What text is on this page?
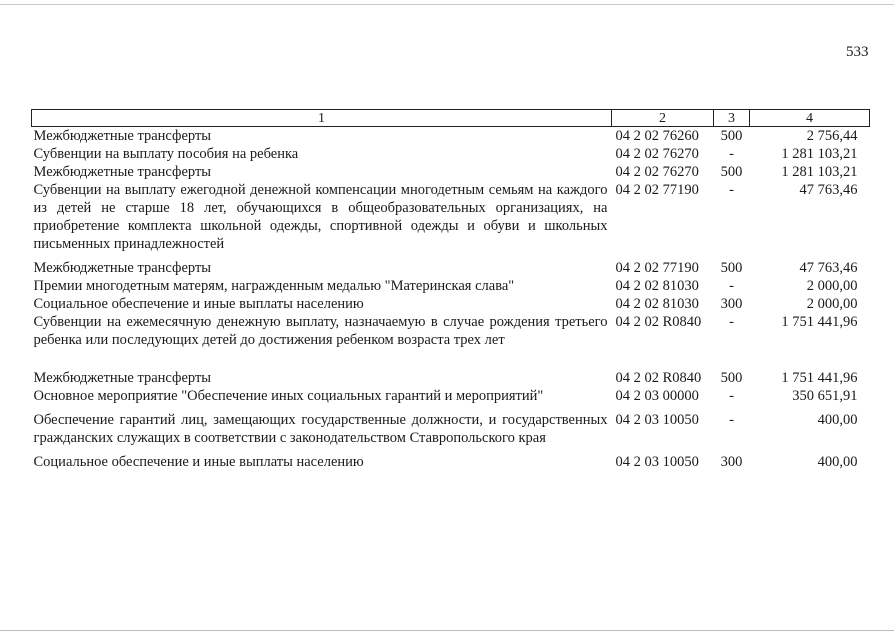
533
1	2	3	4
Межбюджетные трансферты	04 2 02 76260	500	2 756,44
Субвенции на выплату пособия на ребенка	04 2 02 76270	-	1 281 103,21
Межбюджетные трансферты	04 2 02 76270	500	1 281 103,21
Субвенции на выплату ежегодной денежной компенсации многодетным семьям на каждого из детей не старше 18 лет, обучающихся в общеобразовательных организациях, на приобретение комплекта школьной одежды, спортивной одежды и обуви и школьных письменных принадлежностей	04 2 02 77190	-	47 763,46
Межбюджетные трансферты	04 2 02 77190	500	47 763,46
Премии многодетным матерям, награжденным медалью "Материнская слава"	04 2 02 81030	-	2 000,00
Социальное обеспечение и иные выплаты населению	04 2 02 81030	300	2 000,00
Субвенции на ежемесячную денежную выплату, назначаемую в случае рождения третьего ребенка или последующих детей до достижения ребенком возраста трех лет	04 2 02 R0840	-	1 751 441,96
Межбюджетные трансферты	04 2 02 R0840	500	1 751 441,96
Основное мероприятие "Обеспечение иных социальных гарантий и мероприятий"	04 2 03 00000	-	350 651,91
Обеспечение гарантий лиц, замещающих государственные должности, и государственных гражданских служащих в соответствии с законодательством Ставропольского края	04 2 03 10050	-	400,00
Социальное обеспечение и иные выплаты населению	04 2 03 10050	300	400,00
